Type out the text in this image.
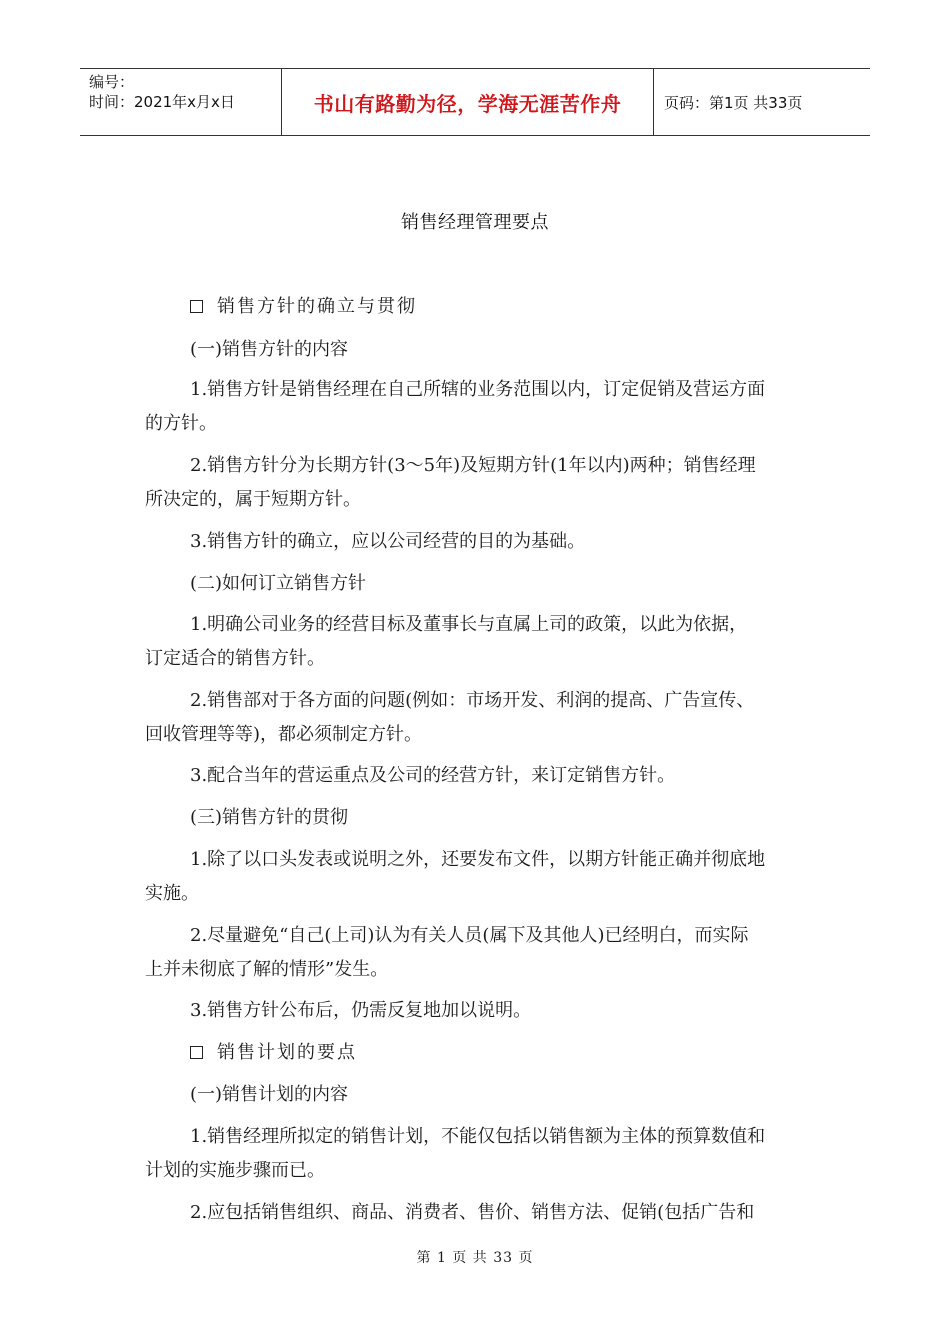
编号：
时间：2021年x月x日	书山有路勤为径，学海无涯苦作舟	页码：第1页 共33页
销售经理管理要点
销售方针的确立与贯彻
(一)销售方针的内容
1.销售方针是销售经理在自己所辖的业务范围以内，订定促销及营运方面
的方针。
2.销售方针分为长期方针(3～5年)及短期方针(1年以内)两种；销售经理
所决定的，属于短期方针。
3.销售方针的确立，应以公司经营的目的为基础。
(二)如何订立销售方针
1.明确公司业务的经营目标及董事长与直属上司的政策，以此为依据，
订定适合的销售方针。
2.销售部对于各方面的问题(例如：市场开发、利润的提高、广告宣传、
回收管理等等)，都必须制定方针。
3.配合当年的营运重点及公司的经营方针，来订定销售方针。
(三)销售方针的贯彻
1.除了以口头发表或说明之外，还要发布文件，以期方针能正确并彻底地
实施。
2.尽量避免“自己(上司)认为有关人员(属下及其他人)已经明白，而实际
上并未彻底了解的情形”发生。
3.销售方针公布后，仍需反复地加以说明。
销售计划的要点
(一)销售计划的内容
1.销售经理所拟定的销售计划，不能仅包括以销售额为主体的预算数值和
计划的实施步骤而已。
2.应包括销售组织、商品、消费者、售价、销售方法、促销(包括广告和
第 1 页 共 33 页
